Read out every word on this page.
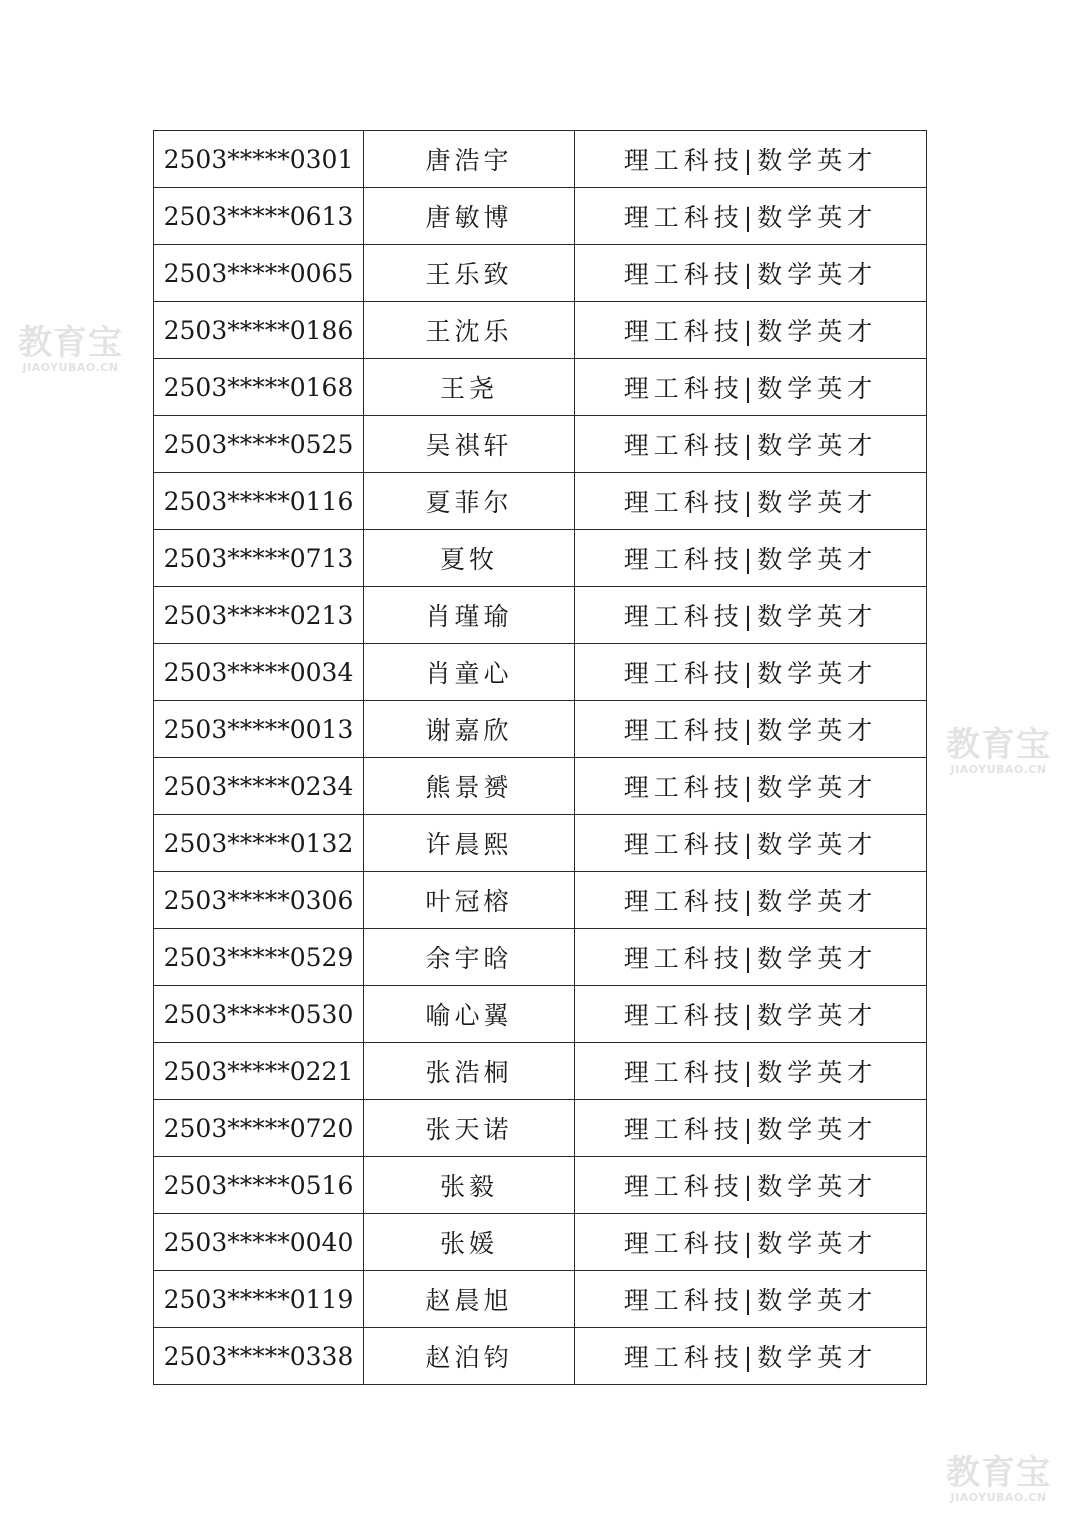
教育宝
JIAOYUBAO.CN
教育宝
JIAOYUBAO.CN
教育宝
JIAOYUBAO.CN
2503*****0301	唐浩宇	理工科技|数学英才
2503*****0613	唐敏博	理工科技|数学英才
2503*****0065	王乐致	理工科技|数学英才
2503*****0186	王沈乐	理工科技|数学英才
2503*****0168	王尧	理工科技|数学英才
2503*****0525	吴祺轩	理工科技|数学英才
2503*****0116	夏菲尔	理工科技|数学英才
2503*****0713	夏牧	理工科技|数学英才
2503*****0213	肖瑾瑜	理工科技|数学英才
2503*****0034	肖童心	理工科技|数学英才
2503*****0013	谢嘉欣	理工科技|数学英才
2503*****0234	熊景赟	理工科技|数学英才
2503*****0132	许晨熙	理工科技|数学英才
2503*****0306	叶冠榕	理工科技|数学英才
2503*****0529	余宇晗	理工科技|数学英才
2503*****0530	喻心翼	理工科技|数学英才
2503*****0221	张浩桐	理工科技|数学英才
2503*****0720	张天诺	理工科技|数学英才
2503*****0516	张毅	理工科技|数学英才
2503*****0040	张媛	理工科技|数学英才
2503*****0119	赵晨旭	理工科技|数学英才
2503*****0338	赵泊钧	理工科技|数学英才
